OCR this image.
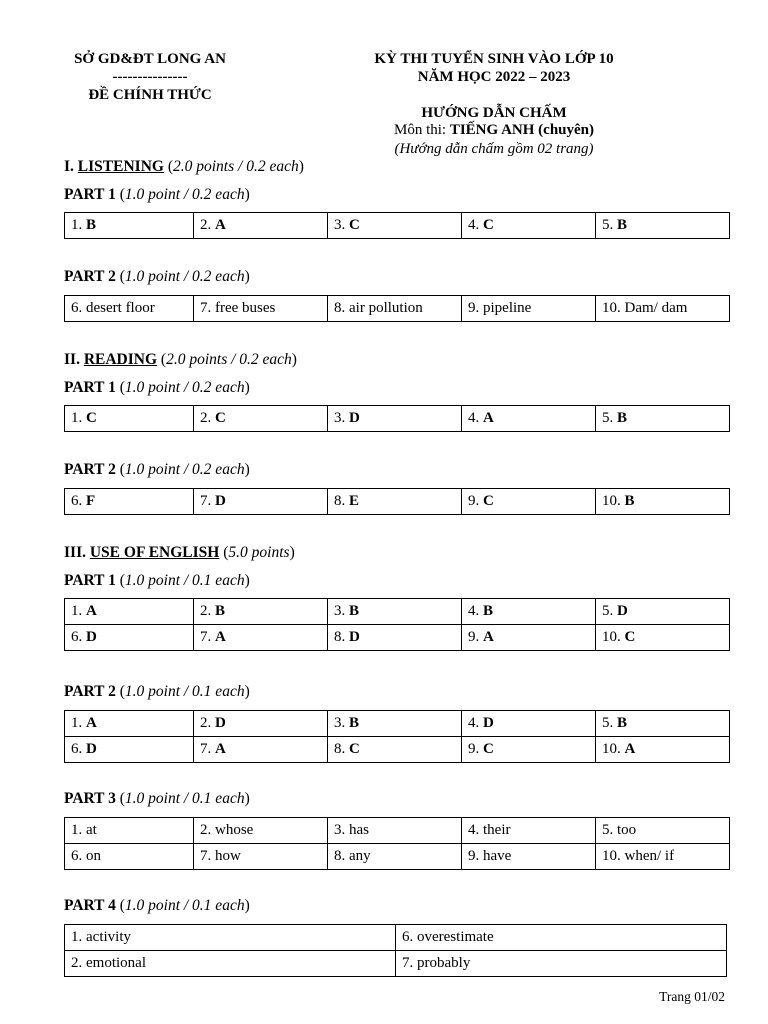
SỞ GD&ĐT LONG AN
---------------
ĐỀ CHÍNH THỨC
KỲ THI TUYỂN SINH VÀO LỚP 10
NĂM HỌC 2022 – 2023
HƯỚNG DẪN CHẤM
Môn thi: TIẾNG ANH (chuyên)
(Hướng dẫn chấm gồm 02 trang)
I. LISTENING (2.0 points / 0.2 each)
PART 1 (1.0 point / 0.2 each)
1. B	2. A	3. C	4. C	5. B
PART 2 (1.0 point / 0.2 each)
6. desert floor	7. free buses	8. air pollution	9. pipeline	10. Dam/ dam
II. READING (2.0 points / 0.2 each)
PART 1 (1.0 point / 0.2 each)
1. C	2. C	3. D	4. A	5. B
PART 2 (1.0 point / 0.2 each)
6. F	7. D	8. E	9. C	10. B
III. USE OF ENGLISH (5.0 points)
PART 1 (1.0 point / 0.1 each)
1. A	2. B	3. B	4. B	5. D
6. D	7. A	8. D	9. A	10. C
PART 2 (1.0 point / 0.1 each)
1. A	2. D	3. B	4. D	5. B
6. D	7. A	8. C	9. C	10. A
PART 3 (1.0 point / 0.1 each)
1. at	2. whose	3. has	4. their	5. too
6. on	7. how	8. any	9. have	10. when/ if
PART 4 (1.0 point / 0.1 each)
1. activity	6. overestimate
2. emotional	7. probably
Trang 01/02
